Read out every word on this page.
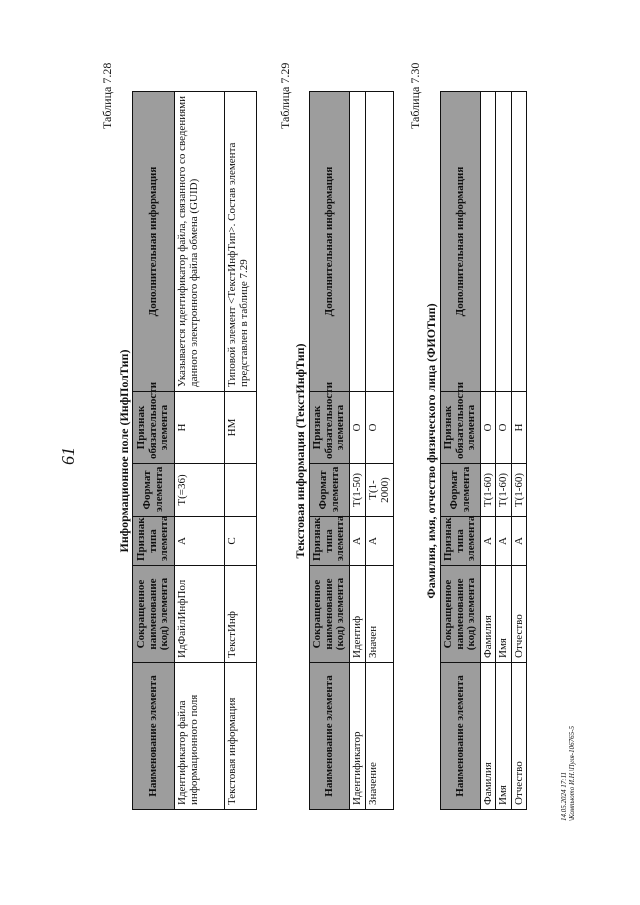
61
Таблица 7.28
Информационное поле (ИнфПолТип)
Наименование элемента	Сокращенное наименование (код) элемента	Признак типа элемента	Формат элемента	Признак обязательности элемента	Дополнительная информация
Идентификатор файла информационного поля	ИдФайлИнфПол	А	T(=36)	Н	Указывается идентификатор файла, связанного со сведениями данного электронного файла обмена (GUID)
Текстовая информация	ТекстИнф	С		НМ	Типовой элемент <ТекстИнфТип>. Состав элемента представлен в таблице 7.29
Таблица 7.29
Текстовая информация (ТекстИнфТип)
Наименование элемента	Сокращенное наименование (код) элемента	Признак типа элемента	Формат элемента	Признак обязательности элемента	Дополнительная информация
Идентификатор	Идентиф	А	T(1-50)	О	
Значение	Значен	А	T(1-2000)	О	
Таблица 7.30
Фамилия, имя, отчество физического лица (ФИОТип)
Наименование элемента	Сокращенное наименование (код) элемента	Признак типа элемента	Формат элемента	Признак обязательности элемента	Дополнительная информация
Фамилия	Фамилия	А	T(1-60)	О	
Имя	Имя	А	T(1-60)	О	
Отчество	Отчество	А	T(1-60)	Н	
14.05.2024 17:11 \Компьюто И.Н.\Пуля-106765-5
